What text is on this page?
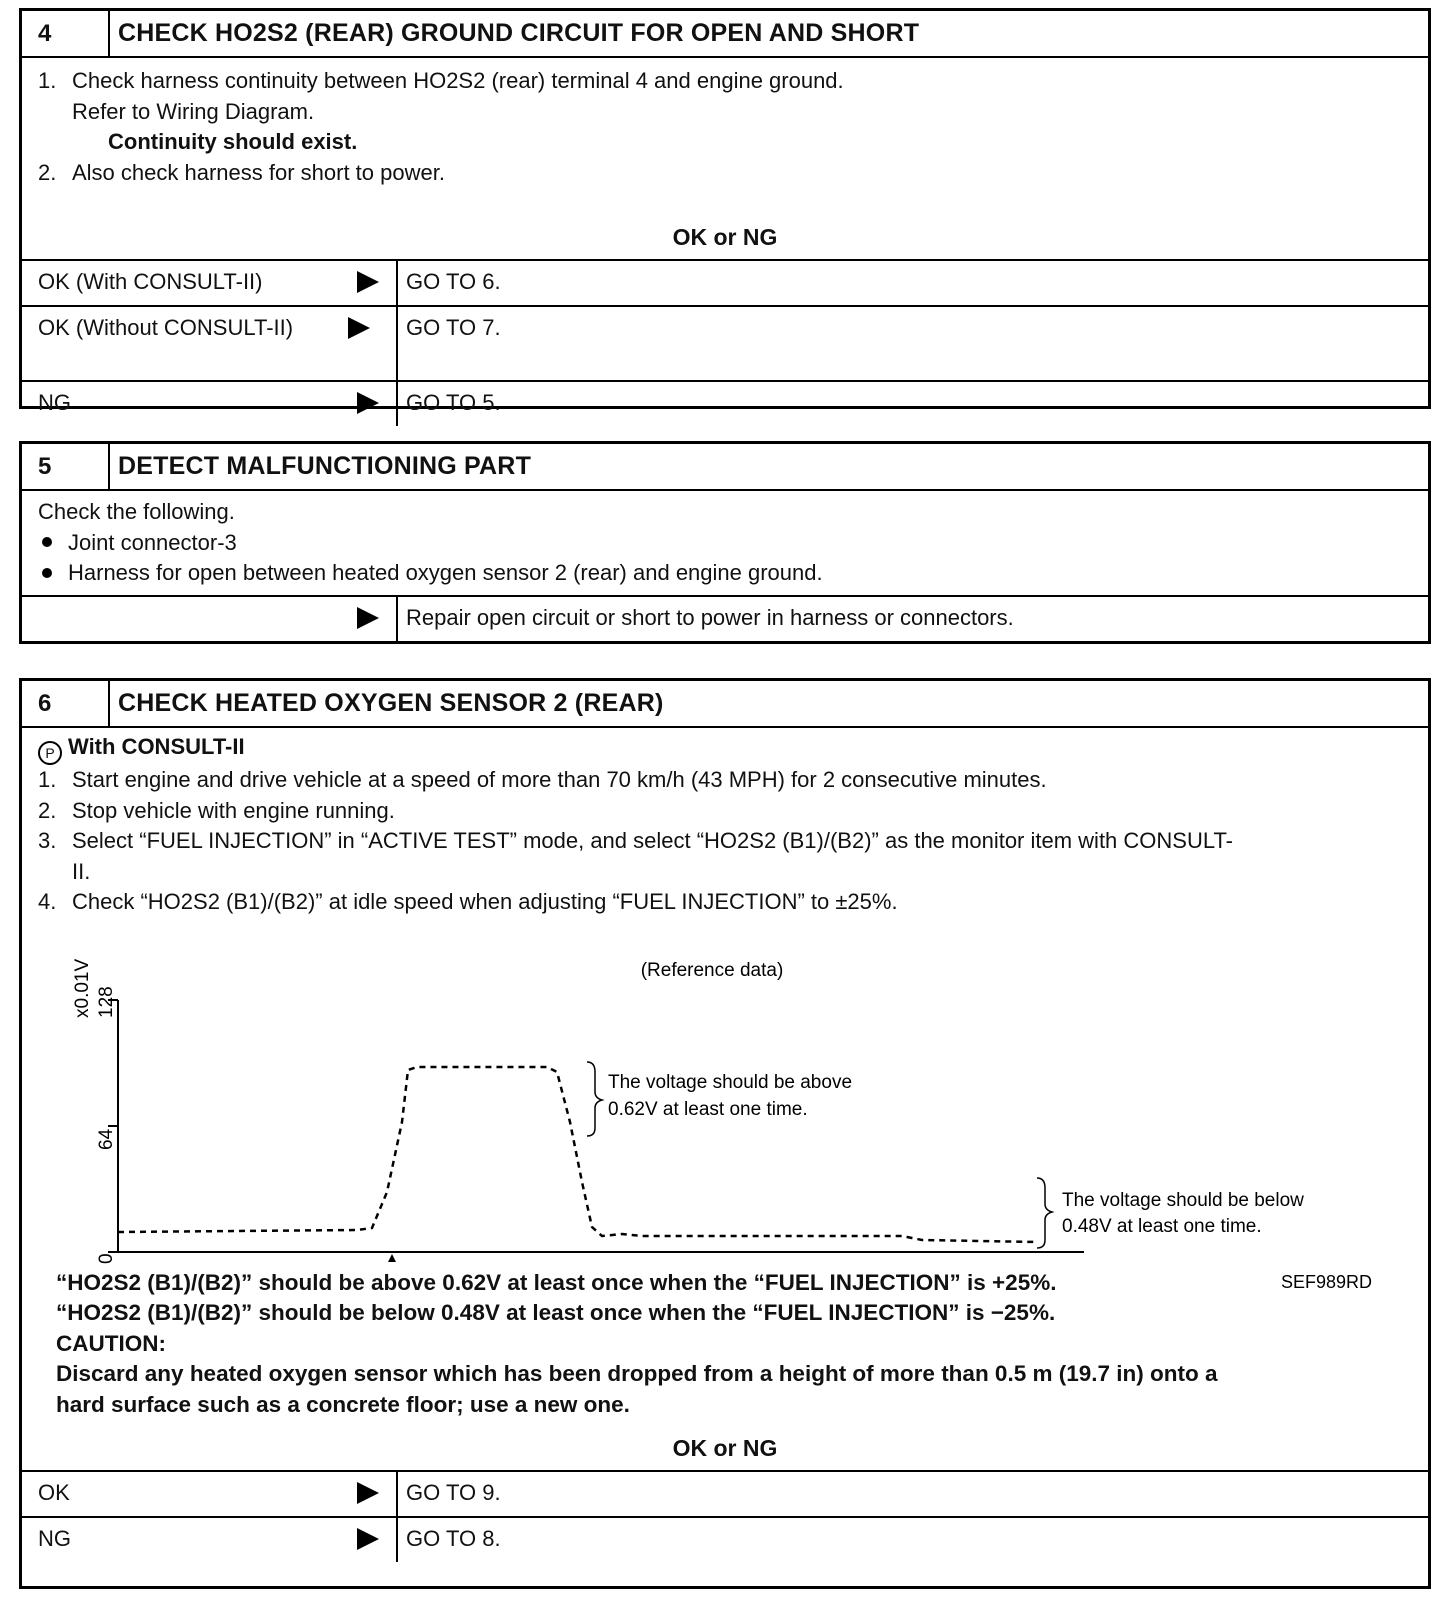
4	CHECK HO2S2 (REAR) GROUND CIRCUIT FOR OPEN AND SHORT
1. Check harness continuity between HO2S2 (rear) terminal 4 and engine ground.
Refer to Wiring Diagram.
Continuity should exist.
2. Also check harness for short to power.
OK or NG
OK (With CONSULT-II)	GO TO 6.
OK (Without CONSULT-II)	GO TO 7.
NG	GO TO 5.
5	DETECT MALFUNCTIONING PART
Check the following.
Joint connector-3
Harness for open between heated oxygen sensor 2 (rear) and engine ground.
Repair open circuit or short to power in harness or connectors.
6	CHECK HEATED OXYGEN SENSOR 2 (REAR)
P With CONSULT-II
1. Start engine and drive vehicle at a speed of more than 70 km/h (43 MPH) for 2 consecutive minutes.
2. Stop vehicle with engine running.
3. Select “FUEL INJECTION” in “ACTIVE TEST” mode, and select “HO2S2 (B1)/(B2)” as the monitor item with CONSULT-
II.
4. Check “HO2S2 (B1)/(B2)” at idle speed when adjusting “FUEL INJECTION” to ±25%.
(Reference data)
x0.01V 128
64
0
The voltage should be above
0.62V at least one time.
The voltage should be below
0.48V at least one time.
SEF989RD
“HO2S2 (B1)/(B2)” should be above 0.62V at least once when the “FUEL INJECTION” is +25%.
“HO2S2 (B1)/(B2)” should be below 0.48V at least once when the “FUEL INJECTION” is −25%.
CAUTION:
Discard any heated oxygen sensor which has been dropped from a height of more than 0.5 m (19.7 in) onto a
hard surface such as a concrete floor; use a new one.
OK or NG
OK	GO TO 9.
NG	GO TO 8.
